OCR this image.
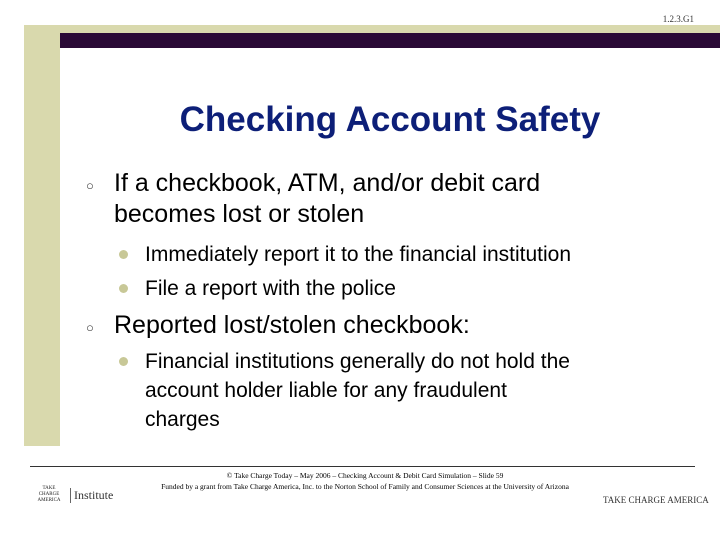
1.2.3.G1
Checking Account Safety
○ If a checkbook, ATM, and/or debit card
becomes lost or stolen
Immediately report it to the financial institution
File a report with the police
○ Reported lost/stolen checkbook:
Financial institutions generally do not hold the
account holder liable for any fraudulent
charges
© Take Charge Today – May 2006 – Checking Account & Debit Card Simulation – Slide 59
Funded by a grant from Take Charge America, Inc. to the Norton School of Family and Consumer Sciences at the University of Arizona
TAKE CHARGE AMERICA	Institute	TAKE CHARGE AMERICA
